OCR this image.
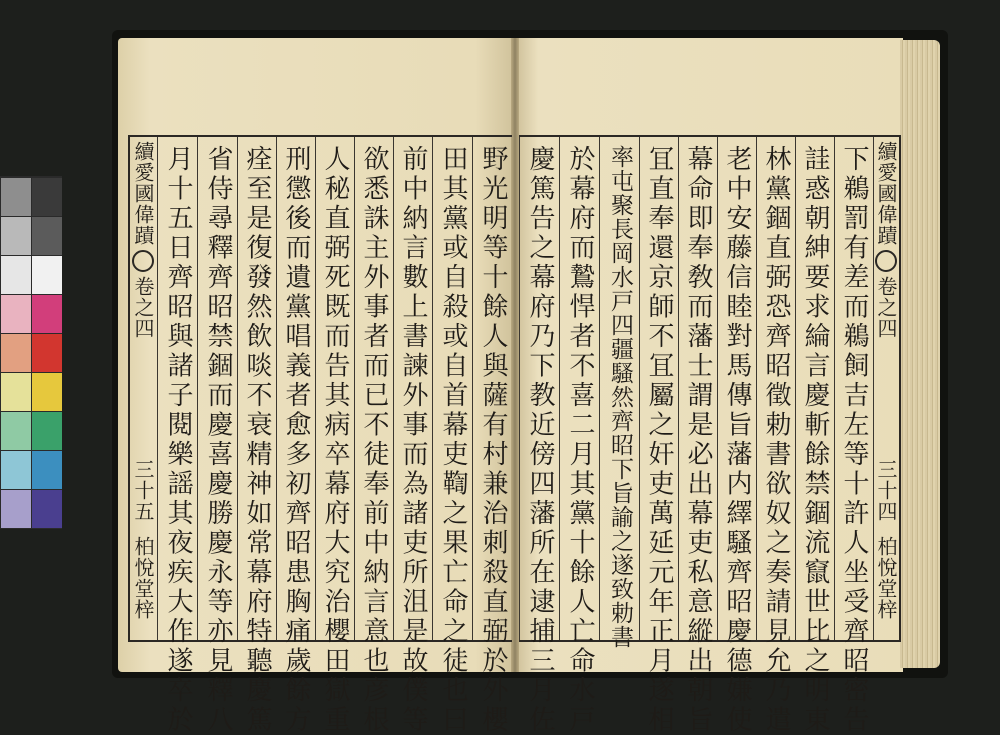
續愛國偉蹟卷之四三十五柏悅堂梓	野光明等十餘人與薩有村兼治刺殺直弼於外櫻
田其黨或自殺或自首幕吏鞫之果亡命之徒也曰
前中納言數上書諫外事而為諸吏所沮是故僕等
欲悉誅主外事者而已不徒奉前中納言意也彦根
人秘直弼死既而告其病卒幕府大究治櫻田獄重
刑懲後而遺黨唱義者愈多初齊昭患胸痛歲餘方
痊至是復發然飲啖不衰精神如常幕府特聽慶篤
省侍尋釋齊昭禁錮而慶喜慶勝慶永等亦見釋八
月十五日齊昭與諸子閱樂謡其夜疾大作遂卒於	下鵜罰有差而鵜飼吉左等十許人坐受齊昭密告
詿惑朝紳要求綸言慶斬餘禁錮流竄世比之明東
林黨錮直弼恐齊昭徵勅書欲奴之奏請見允乃遣
老中安藤信睦對馬傳旨藩内繹騷齊昭慶德嫌使
幕命即奉敎而藩士謂是必出幕吏私意縱出朝旨
冝直奉還京師不冝屬之奸吏萬延元年正月遂相
率屯聚長岡水戸四疆騷然齊昭下旨諭之遂致勅書
於幕府而鷙悍者不喜二月其黨十餘人亡命水戸
慶篤告之幕府乃下教近傍四藩所在逮捕三月佐	續愛國偉蹟卷之四三十四柏悅堂梓
